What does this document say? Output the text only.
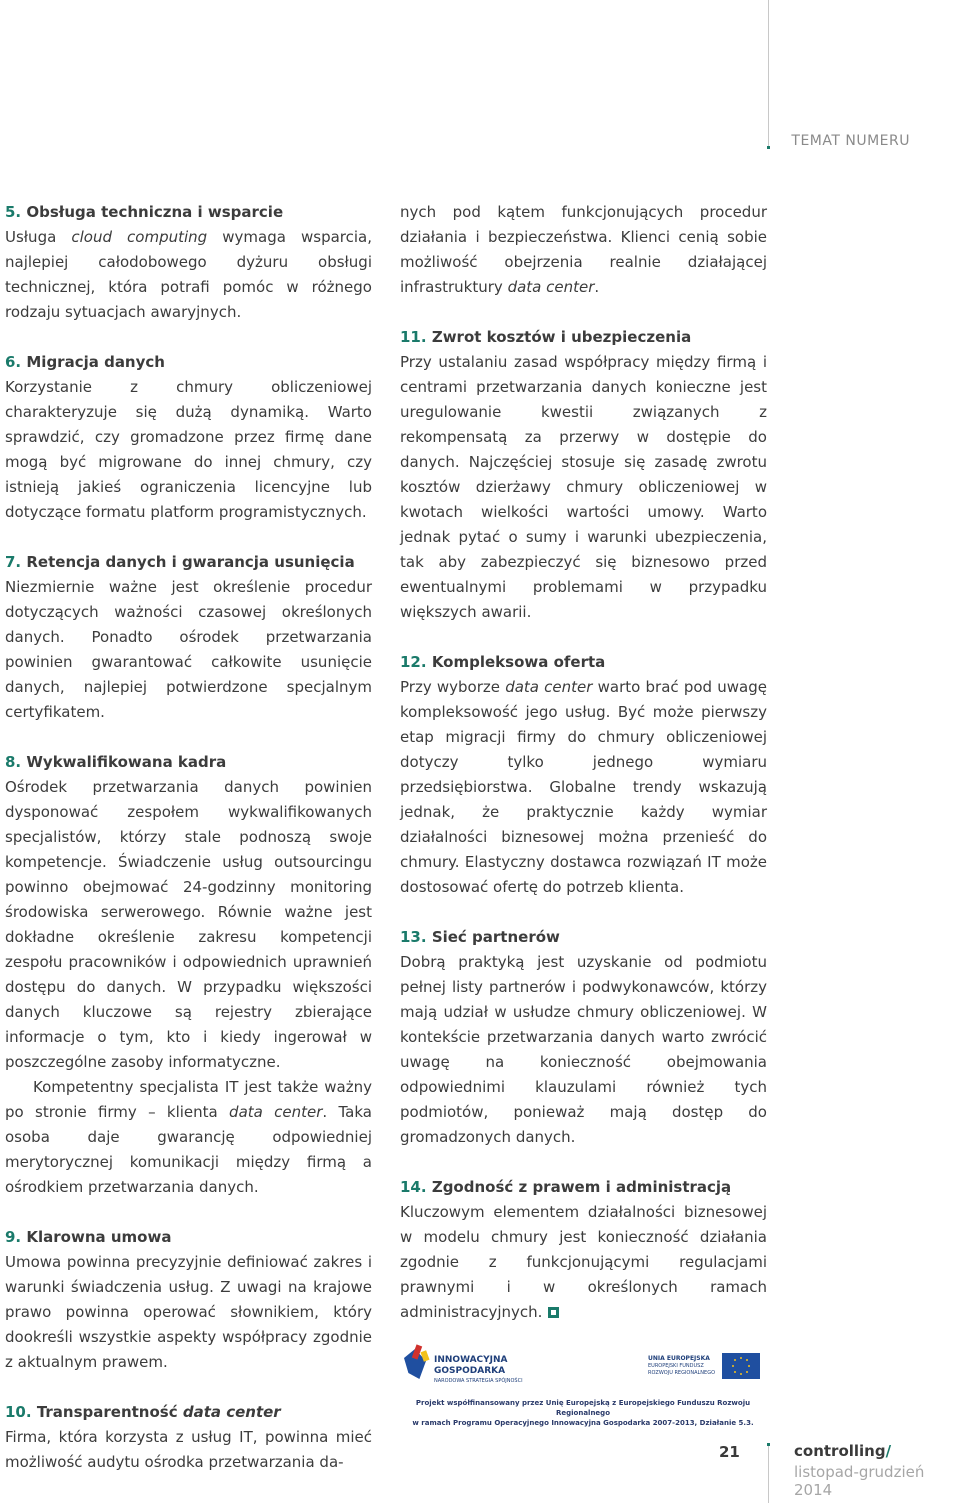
TEMAT NUMERU
5. Obsługa techniczna i wsparcie

Usługa cloud computing wymaga wsparcia, najlepiej całodobowego dyżuru obsługi technicznej, która potrafi pomóc w różnego rodzaju sytuacjach awaryjnych.

6. Migracja danych

Korzystanie z chmury obliczeniowej charakteryzuje się dużą dynamiką. Warto sprawdzić, czy gromadzone przez firmę dane mogą być migrowane do innej chmury, czy istnieją jakieś ograniczenia licencyjne lub dotyczące formatu platform programistycznych.

7. Retencja danych i gwarancja usunięcia

Niezmiernie ważne jest określenie procedur dotyczących ważności czasowej określonych danych. Ponadto ośrodek przetwarzania powinien gwarantować całkowite usunięcie danych, najlepiej potwierdzone specjalnym certyfikatem.

8. Wykwalifikowana kadra

Ośrodek przetwarzania danych powinien dysponować zespołem wykwalifikowanych specjalistów, którzy stale podnoszą swoje kompetencje. Świadczenie usług outsourcingu powinno obejmować 24-godzinny monitoring środowiska serwerowego. Równie ważne jest dokładne określenie zakresu kompetencji zespołu pracowników i odpowiednich uprawnień dostępu do danych. W przypadku większości danych kluczowe są rejestry zbierające informacje o tym, kto i kiedy ingerował w poszczególne zasoby informatyczne.

Kompetentny specjalista IT jest także ważny po stronie firmy – klienta data center. Taka osoba daje gwarancję odpowiedniej merytorycznej komunikacji między firmą a ośrodkiem przetwarzania danych.

9. Klarowna umowa

Umowa powinna precyzyjnie definiować zakres i warunki świadczenia usług. Z uwagi na krajowe prawo powinna operować słownikiem, który dookreśli wszystkie aspekty współpracy zgodnie z aktualnym prawem.

10. Transparentność data center

Firma, która korzysta z usług IT, powinna mieć możliwość audytu ośrodka przetwarzania da-

nych pod kątem funkcjonujących procedur działania i bezpieczeństwa. Klienci cenią sobie możliwość obejrzenia realnie działającej infrastruktury data center.

11. Zwrot kosztów i ubezpieczenia

Przy ustalaniu zasad współpracy między firmą i centrami przetwarzania danych konieczne jest uregulowanie kwestii związanych z rekompensatą za przerwy w dostępie do danych. Najczęściej stosuje się zasadę zwrotu kosztów dzierżawy chmury obliczeniowej w kwotach wielkości wartości umowy. Warto jednak pytać o sumy i warunki ubezpieczenia, tak aby zabezpieczyć się biznesowo przed ewentualnymi problemami w przypadku większych awarii.

12. Kompleksowa oferta

Przy wyborze data center warto brać pod uwagę kompleksowość jego usług. Być może pierwszy etap migracji firmy do chmury obliczeniowej dotyczy tylko jednego wymiaru przedsiębiorstwa. Globalne trendy wskazują jednak, że praktycznie każdy wymiar działalności biznesowej można przenieść do chmury. Elastyczny dostawca rozwiązań IT może dostosować ofertę do potrzeb klienta.

13. Sieć partnerów

Dobrą praktyką jest uzyskanie od podmiotu pełnej listy partnerów i podwykonawców, którzy mają udział w usłudze chmury obliczeniowej. W kontekście przetwarzania danych warto zwrócić uwagę na konieczność obejmowania odpowiednimi klauzulami również tych podmiotów, ponieważ mają dostęp do gromadzonych danych.

14. Zgodność z prawem i administracją

Kluczowym elementem działalności biznesowej w modelu chmury jest konieczność działania zgodnie z funkcjonującymi regulacjami prawnymi i w określonych ramach administracyjnych.

INNOWACYJNA
GOSPODARKA
NARODOWA STRATEGIA SPÓJNOŚCI
UNIA EUROPEJSKA
EUROPEJSKI FUNDUSZ
ROZWOJU REGIONALNEGO
Projekt współfinansowany przez Unię Europejską z Europejskiego Funduszu Rozwoju Regionalnego
w ramach Programu Operacyjnego Innowacyjna Gospodarka 2007-2013, Działanie 5.3.
21	controlling/
listopad-grudzień 2014
